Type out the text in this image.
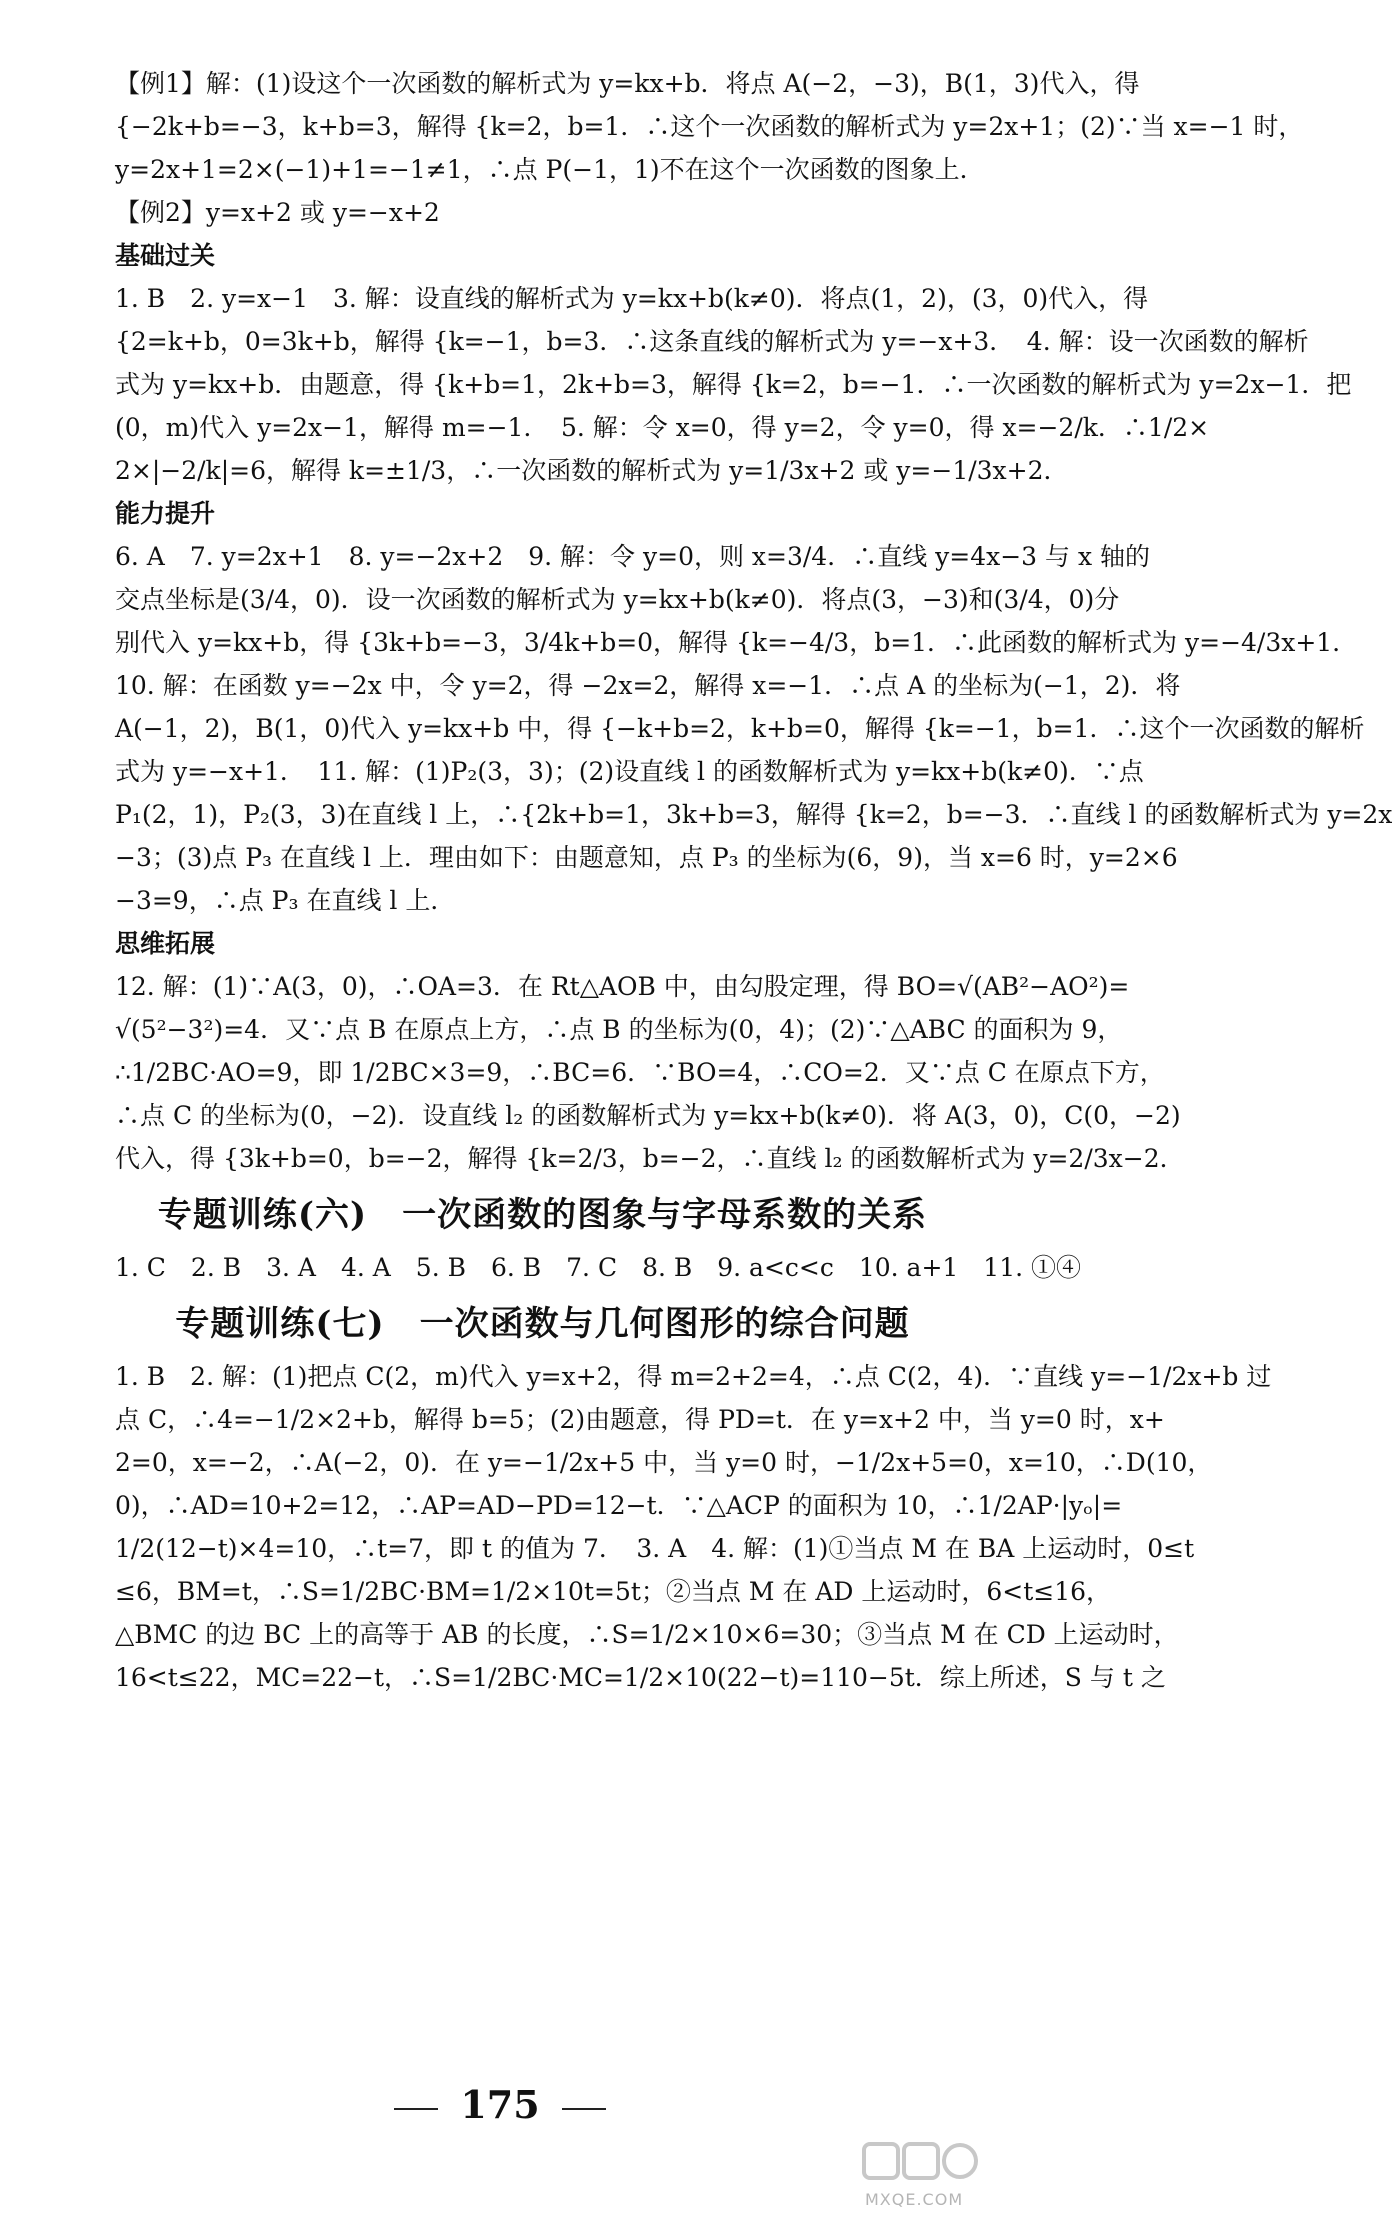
【例1】解：(1)设这个一次函数的解析式为 y=kx+b．将点 A(−2，−3)，B(1，3)代入，得

{−2k+b=−3，k+b=3，解得 {k=2，b=1．∴这个一次函数的解析式为 y=2x+1；(2)∵当 x=−1 时，

y=2x+1=2×(−1)+1=−1≠1，∴点 P(−1，1)不在这个一次函数的图象上．

【例2】y=x+2 或 y=−x+2

基础过关

1. B　2. y=x−1　3. 解：设直线的解析式为 y=kx+b(k≠0)．将点(1，2)，(3，0)代入，得

{2=k+b，0=3k+b，解得 {k=−1，b=3．∴这条直线的解析式为 y=−x+3．　4. 解：设一次函数的解析

式为 y=kx+b．由题意，得 {k+b=1，2k+b=3，解得 {k=2，b=−1．∴一次函数的解析式为 y=2x−1．把

(0，m)代入 y=2x−1，解得 m=−1．　5. 解：令 x=0，得 y=2，令 y=0，得 x=−2/k．∴1/2×

2×|−2/k|=6，解得 k=±1/3，∴一次函数的解析式为 y=1/3x+2 或 y=−1/3x+2．

能力提升

6. A　7. y=2x+1　8. y=−2x+2　9. 解：令 y=0，则 x=3/4．∴直线 y=4x−3 与 x 轴的

交点坐标是(3/4，0)．设一次函数的解析式为 y=kx+b(k≠0)．将点(3，−3)和(3/4，0)分

别代入 y=kx+b，得 {3k+b=−3，3/4k+b=0，解得 {k=−4/3，b=1．∴此函数的解析式为 y=−4/3x+1．

10. 解：在函数 y=−2x 中，令 y=2，得 −2x=2，解得 x=−1．∴点 A 的坐标为(−1，2)．将

A(−1，2)，B(1，0)代入 y=kx+b 中，得 {−k+b=2，k+b=0，解得 {k=−1，b=1．∴这个一次函数的解析

式为 y=−x+1．　11. 解：(1)P₂(3，3)；(2)设直线 l 的函数解析式为 y=kx+b(k≠0)．∵点

P₁(2，1)，P₂(3，3)在直线 l 上，∴{2k+b=1，3k+b=3，解得 {k=2，b=−3．∴直线 l 的函数解析式为 y=2x

−3；(3)点 P₃ 在直线 l 上．理由如下：由题意知，点 P₃ 的坐标为(6，9)，当 x=6 时，y=2×6

−3=9，∴点 P₃ 在直线 l 上．

思维拓展

12. 解：(1)∵A(3，0)，∴OA=3．在 Rt△AOB 中，由勾股定理，得 BO=√(AB²−AO²)=

√(5²−3²)=4．又∵点 B 在原点上方，∴点 B 的坐标为(0，4)；(2)∵△ABC 的面积为 9，

∴1/2BC·AO=9，即 1/2BC×3=9，∴BC=6．∵BO=4，∴CO=2．又∵点 C 在原点下方，

∴点 C 的坐标为(0，−2)．设直线 l₂ 的函数解析式为 y=kx+b(k≠0)．将 A(3，0)，C(0，−2)

代入，得 {3k+b=0，b=−2，解得 {k=2/3，b=−2，∴直线 l₂ 的函数解析式为 y=2/3x−2．

专题训练(六)　一次函数的图象与字母系数的关系

1. C　2. B　3. A　4. A　5. B　6. B　7. C　8. B　9. a<c<c　10. a+1　11. ①④

专题训练(七)　一次函数与几何图形的综合问题

1. B　2. 解：(1)把点 C(2，m)代入 y=x+2，得 m=2+2=4，∴点 C(2，4)．∵直线 y=−1/2x+b 过

点 C，∴4=−1/2×2+b，解得 b=5；(2)由题意，得 PD=t．在 y=x+2 中，当 y=0 时，x+

2=0，x=−2，∴A(−2，0)．在 y=−1/2x+5 中，当 y=0 时，−1/2x+5=0，x=10，∴D(10，

0)，∴AD=10+2=12，∴AP=AD−PD=12−t．∵△ACP 的面积为 10，∴1/2AP·|yₒ|=

1/2(12−t)×4=10，∴t=7，即 t 的值为 7．　3. A　4. 解：(1)①当点 M 在 BA 上运动时，0≤t

≤6，BM=t，∴S=1/2BC·BM=1/2×10t=5t；②当点 M 在 AD 上运动时，6<t≤16，

△BMC 的边 BC 上的高等于 AB 的长度，∴S=1/2×10×6=30；③当点 M 在 CD 上运动时，

16<t≤22，MC=22−t，∴S=1/2BC·MC=1/2×10(22−t)=110−5t．综上所述，S 与 t 之

175
MXQE.COM
